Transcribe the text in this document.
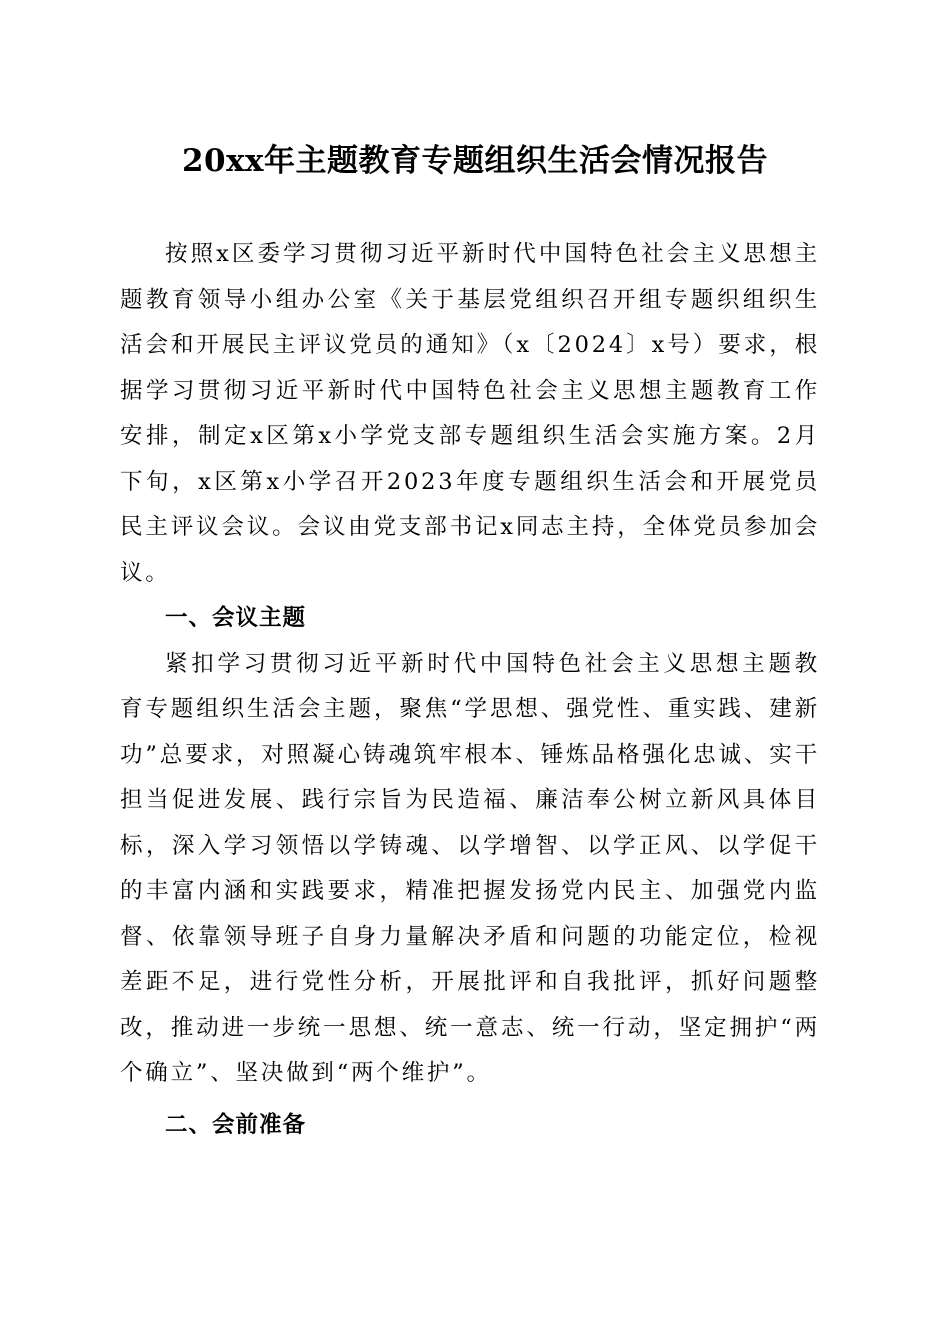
20xx年主题教育专题组织生活会情况报告

按照x区委学习贯彻习近平新时代中国特色社会主义思想主题教育领导小组办公室《关于基层党组织召开组专题织组织生活会和开展民主评议党员的通知》（x〔2024〕x号）要求，根据学习贯彻习近平新时代中国特色社会主义思想主题教育工作安排，制定x区第x小学党支部专题组织生活会实施方案。2月下旬，x区第x小学召开2023年度专题组织生活会和开展党员民主评议会议。会议由党支部书记x同志主持，全体党员参加会议。

一、会议主题

紧扣学习贯彻习近平新时代中国特色社会主义思想主题教育专题组织生活会主题，聚焦“学思想、强党性、重实践、建新功”总要求，对照凝心铸魂筑牢根本、锤炼品格强化忠诚、实干担当促进发展、践行宗旨为民造福、廉洁奉公树立新风具体目标，深入学习领悟以学铸魂、以学增智、以学正风、以学促干的丰富内涵和实践要求，精准把握发扬党内民主、加强党内监督、依靠领导班子自身力量解决矛盾和问题的功能定位，检视差距不足，进行党性分析，开展批评和自我批评，抓好问题整改，推动进一步统一思想、统一意志、统一行动，坚定拥护“两个确立”、坚决做到“两个维护”。

二、会前准备
